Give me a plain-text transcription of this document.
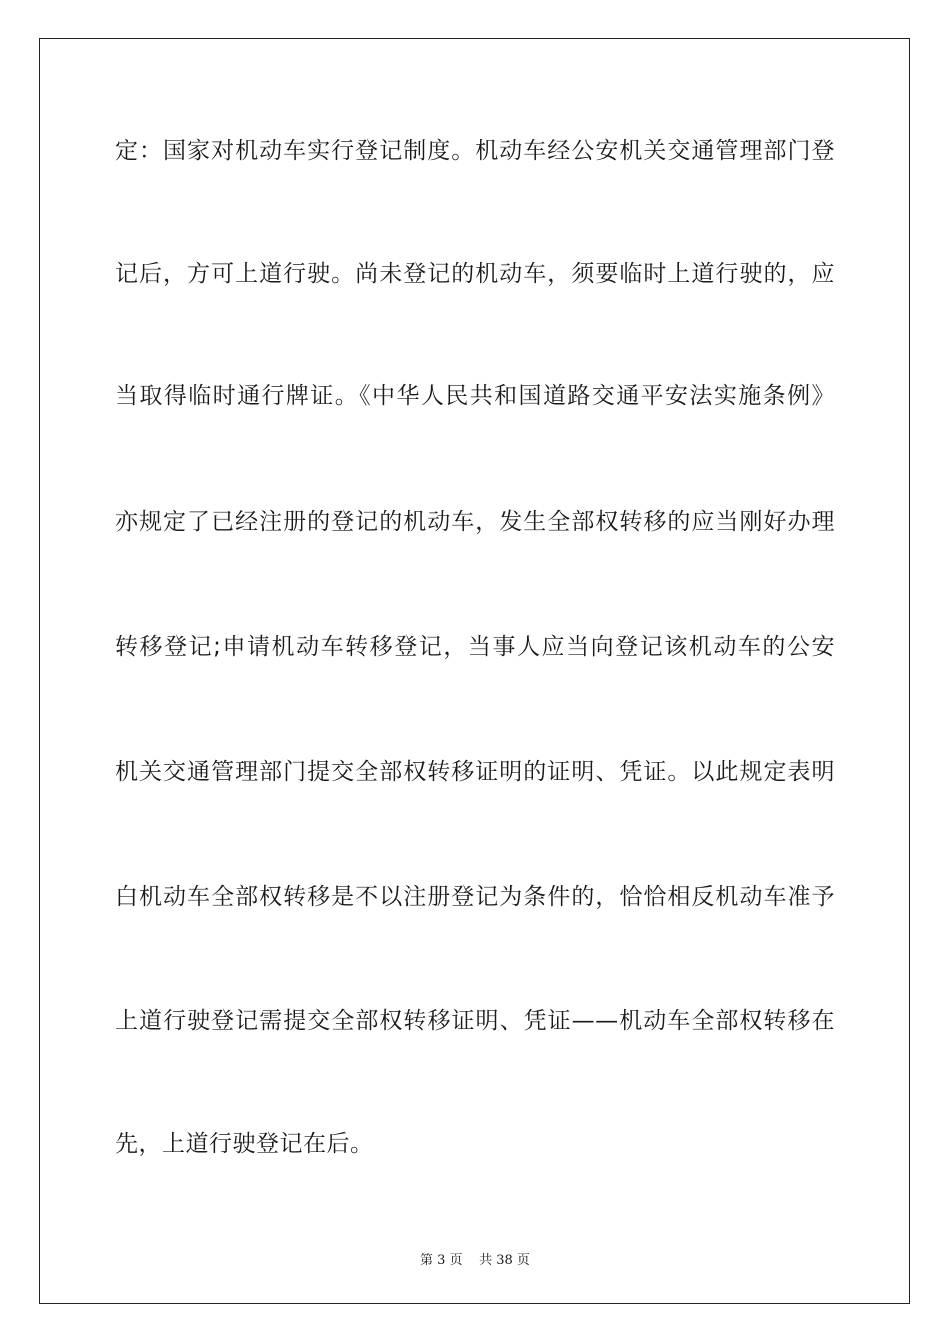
定：国家对机动车实行登记制度。机动车经公安机关交通管理部门登
记后，方可上道行驶。尚未登记的机动车，须要临时上道行驶的，应
当取得临时通行牌证。《中华人民共和国道路交通平安法实施条例》
亦规定了已经注册的登记的机动车，发生全部权转移的应当刚好办理
转移登记;申请机动车转移登记，当事人应当向登记该机动车的公安
机关交通管理部门提交全部权转移证明的证明、凭证。以此规定表明
白机动车全部权转移是不以注册登记为条件的，恰恰相反机动车准予
上道行驶登记需提交全部权转移证明、凭证——机动车全部权转移在
先，上道行驶登记在后。
第 3 页 共 38 页
